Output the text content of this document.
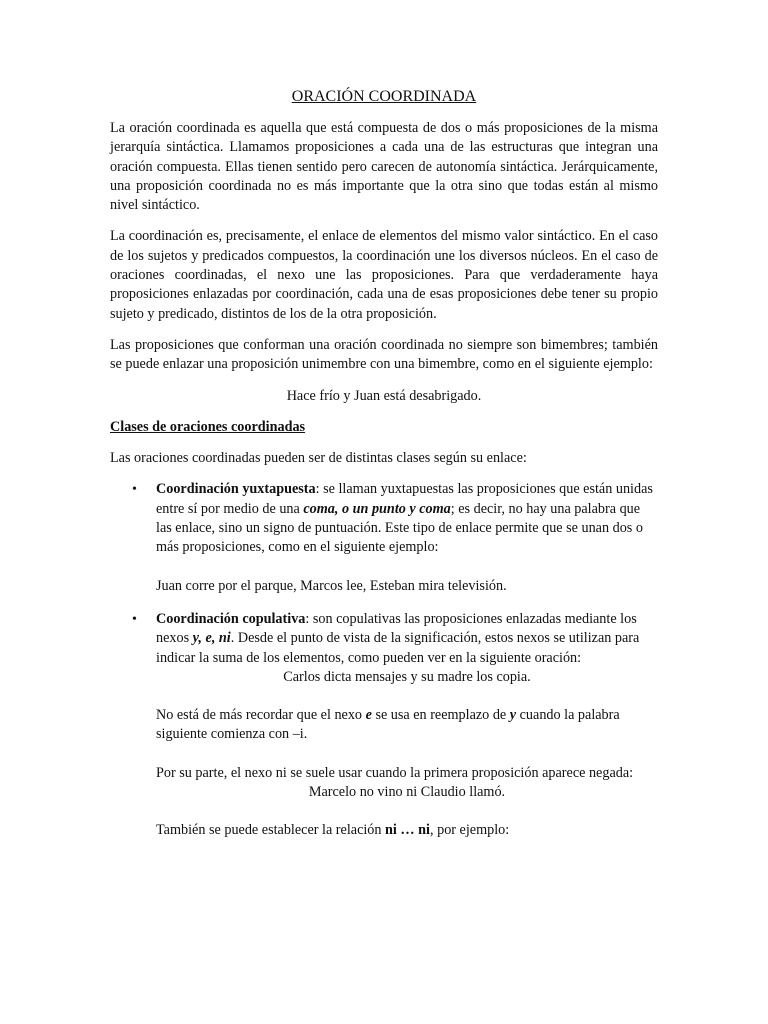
ORACIÓN COORDINADA

La oración coordinada es aquella que está compuesta de dos o más proposiciones de la misma jerarquía sintáctica. Llamamos proposiciones a cada una de las estructuras que integran una oración compuesta. Ellas tienen sentido pero carecen de autonomía sintáctica. Jerárquicamente, una proposición coordinada no es más importante que la otra sino que todas están al mismo nivel sintáctico.

La coordinación es, precisamente, el enlace de elementos del mismo valor sintáctico. En el caso de los sujetos y predicados compuestos, la coordinación une los diversos núcleos. En el caso de oraciones coordinadas, el nexo une las proposiciones. Para que verdaderamente haya proposiciones enlazadas por coordinación, cada una de esas proposiciones debe tener su propio sujeto y predicado, distintos de los de la otra proposición.

Las proposiciones que conforman una oración coordinada no siempre son bimembres; también se puede enlazar una proposición unimembre con una bimembre, como en el siguiente ejemplo:

Hace frío y Juan está desabrigado.

Clases de oraciones coordinadas

Las oraciones coordinadas pueden ser de distintas clases según su enlace:

• Coordinación yuxtapuesta: se llaman yuxtapuestas las proposiciones que están unidas entre sí por medio de una coma, o un punto y coma; es decir, no hay una palabra que las enlace, sino un signo de puntuación. Este tipo de enlace permite que se unan dos o más proposiciones, como en el siguiente ejemplo:
Juan corre por el parque, Marcos lee, Esteban mira televisión.
• Coordinación copulativa: son copulativas las proposiciones enlazadas mediante los nexos y, e, ni. Desde el punto de vista de la significación, estos nexos se utilizan para indicar la suma de los elementos, como pueden ver en la siguiente oración:
Carlos dicta mensajes y su madre los copia.
No está de más recordar que el nexo e se usa en reemplazo de y cuando la palabra siguiente comienza con –i.
Por su parte, el nexo ni se suele usar cuando la primera proposición aparece negada:
Marcelo no vino ni Claudio llamó.
También se puede establecer la relación ni … ni, por ejemplo:
